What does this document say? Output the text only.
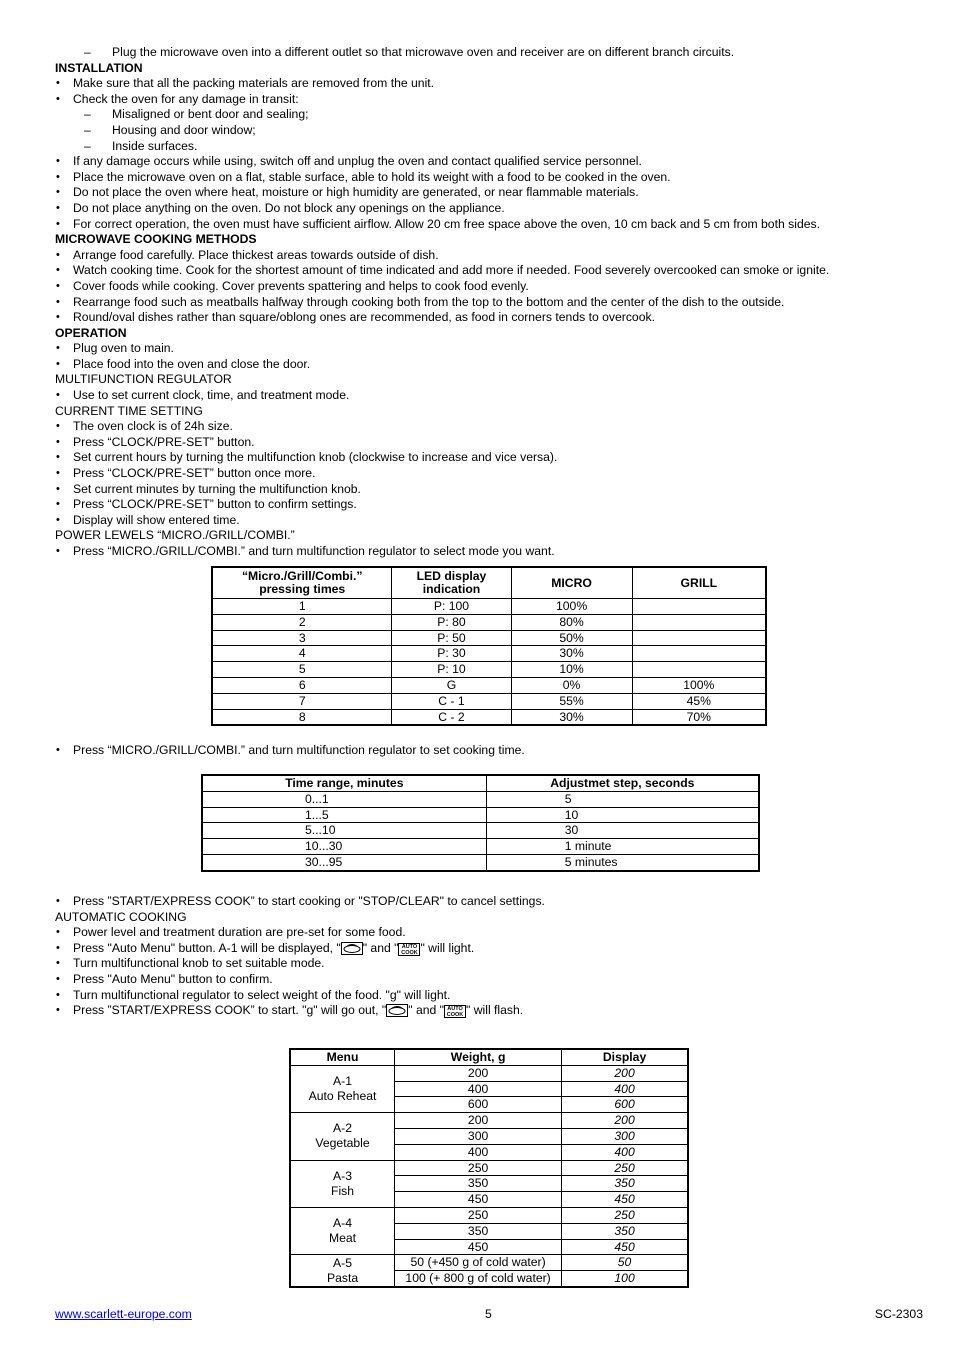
– Plug the microwave oven into a different outlet so that microwave oven and receiver are on different branch circuits.
INSTALLATION
• Make sure that all the packing materials are removed from the unit.
• Check the oven for any damage in transit:
– Misaligned or bent door and sealing;
– Housing and door window;
– Inside surfaces.
• If any damage occurs while using, switch off and unplug the oven and contact qualified service personnel.
• Place the microwave oven on a flat, stable surface, able to hold its weight with a food to be cooked in the oven.
• Do not place the oven where heat, moisture or high humidity are generated, or near flammable materials.
• Do not place anything on the oven. Do not block any openings on the appliance.
• For correct operation, the oven must have sufficient airflow. Allow 20 cm free space above the oven, 10 cm back and 5 cm from both sides.
MICROWAVE COOKING METHODS
• Arrange food carefully. Place thickest areas towards outside of dish.
• Watch cooking time. Cook for the shortest amount of time indicated and add more if needed. Food severely overcooked can smoke or ignite.
• Cover foods while cooking. Cover prevents spattering and helps to cook food evenly.
• Rearrange food such as meatballs halfway through cooking both from the top to the bottom and the center of the dish to the outside.
• Round/oval dishes rather than square/oblong ones are recommended, as food in corners tends to overcook.
OPERATION
• Plug oven to main.
• Place food into the oven and close the door.
MULTIFUNCTION REGULATOR
• Use to set current clock, time, and treatment mode.
CURRENT TIME SETTING
• The oven clock is of 24h size.
• Press “CLOCK/PRE-SET” button.
• Set current hours by turning the multifunction knob (clockwise to increase and vice versa).
• Press “CLOCK/PRE-SET” button once more.
• Set current minutes by turning the multifunction knob.
• Press “CLOCK/PRE-SET” button to confirm settings.
• Display will show entered time.
POWER LEWELS “MICRO./GRILL/COMBI.”
• Press “MICRO./GRILL/COMBI.” and turn multifunction regulator to select mode you want.
“Micro./Grill/Combi.” pressing times	LED display indication	MICRO	GRILL
1	P: 100	100%	
2	P: 80	80%	
3	P: 50	50%	
4	P: 30	30%	
5	P: 10	10%	
6	G	0%	100%
7	C - 1	55%	45%
8	C - 2	30%	70%
• Press “MICRO./GRILL/COMBI.” and turn multifunction regulator to set cooking time.
Time range, minutes	Adjustmet step, seconds
0...1	5
1...5	10
5...10	30
10...30	1 minute
30...95	5 minutes
• Press ”START/EXPRESS COOK” to start cooking or "STOP/CLEAR" to cancel settings.
AUTOMATIC COOKING
• Power level and treatment duration are pre-set for some food.
• Press "Auto Menu" button. A-1 will be displayed, " " and " AUTO
COOK " will light.
• Turn multifunctional knob to set suitable mode.
• Press "Auto Menu" button to confirm.
• Turn multifunctional regulator to select weight of the food. "g" will light.
• Press ”START/EXPRESS COOK” to start. "g" will go out, " " and " AUTO
COOK " will flash.
Menu	Weight, g	Display

A-1
Auto Reheat	200	200
	400	400
	600	600

A-2
Vegetable	200	200
	300	300
	400	400

A-3
Fish	250	250
	350	350
	450	450

A-4
Meat	250	250
	350	350
	450	450

A-5
Pasta	50 (+450 g of cold water)	50
	100 (+ 800 g of cold water)	100
www.scarlett-europe.com	5	SC-2303
